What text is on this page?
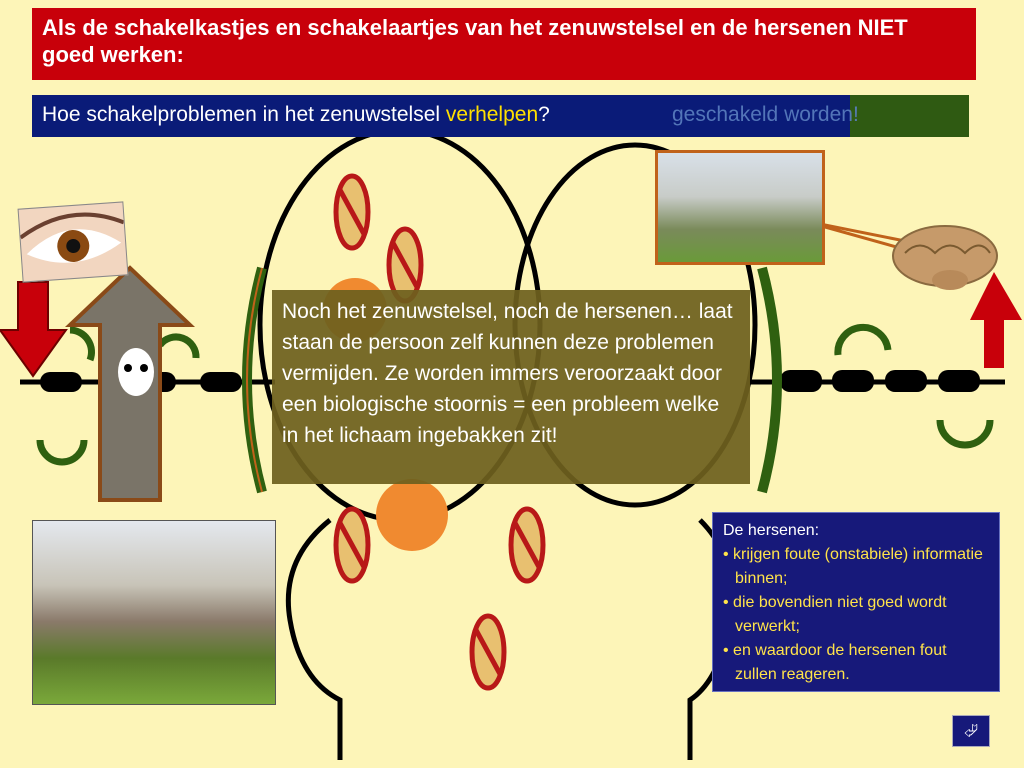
Als de schakelkastjes en schakelaartjes van het zenuwstelsel en de hersenen NIET goed werken:
geschakeld worden!
Hoe schakelproblemen in het zenuwstelsel verhelpen?
Noch het zenuwstelsel, noch de hersenen… laat staan de persoon zelf kunnen deze problemen vermijden. Ze worden immers veroorzaakt door een biologische stoornis = een probleem welke in het lichaam ingebakken zit!
De hersenen:
• krijgen foute (onstabiele) informatie binnen;
• die bovendien niet goed wordt verwerkt;
• en waardoor de hersenen fout zullen reageren.
⮰
